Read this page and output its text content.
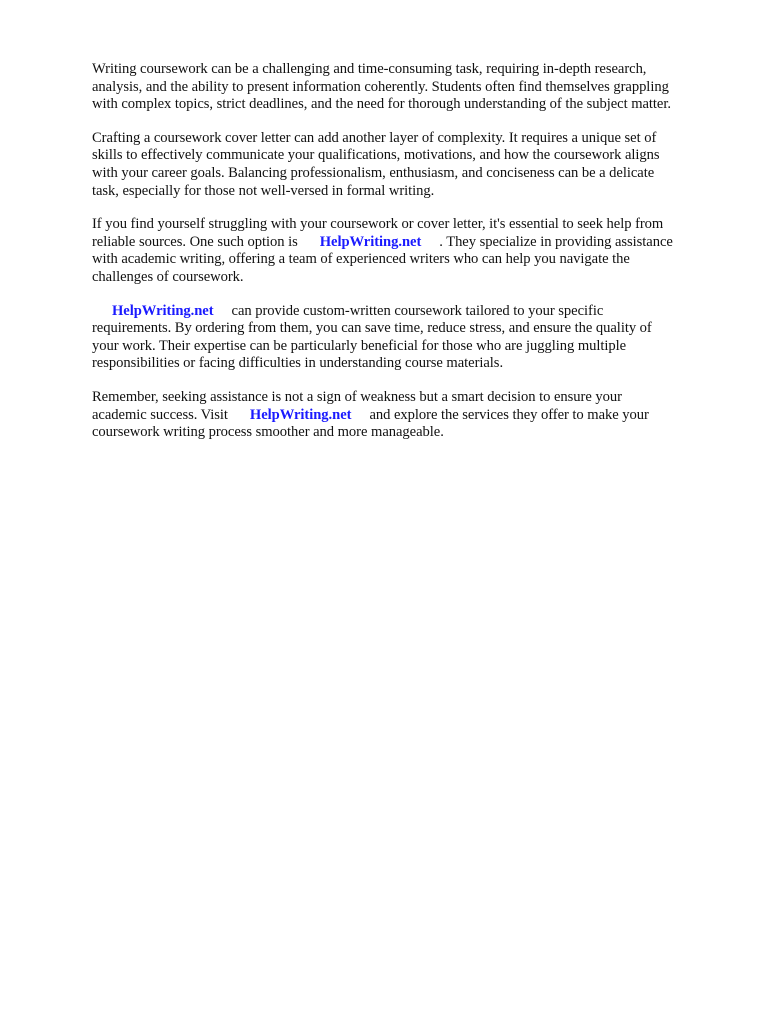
Writing coursework can be a challenging and time-consuming task, requiring in-depth research,
analysis, and the ability to present information coherently. Students often find themselves grappling
with complex topics, strict deadlines, and the need for thorough understanding of the subject matter.

Crafting a coursework cover letter can add another layer of complexity. It requires a unique set of
skills to effectively communicate your qualifications, motivations, and how the coursework aligns
with your career goals. Balancing professionalism, enthusiasm, and conciseness can be a delicate
task, especially for those not well-versed in formal writing.

If you find yourself struggling with your coursework or cover letter, it's essential to seek help from
reliable sources. One such option is HelpWriting.net . They specialize in providing assistance
with academic writing, offering a team of experienced writers who can help you navigate the
challenges of coursework.

HelpWriting.net can provide custom-written coursework tailored to your specific
requirements. By ordering from them, you can save time, reduce stress, and ensure the quality of
your work. Their expertise can be particularly beneficial for those who are juggling multiple
responsibilities or facing difficulties in understanding course materials.

Remember, seeking assistance is not a sign of weakness but a smart decision to ensure your
academic success. Visit HelpWriting.net and explore the services they offer to make your
coursework writing process smoother and more manageable.
